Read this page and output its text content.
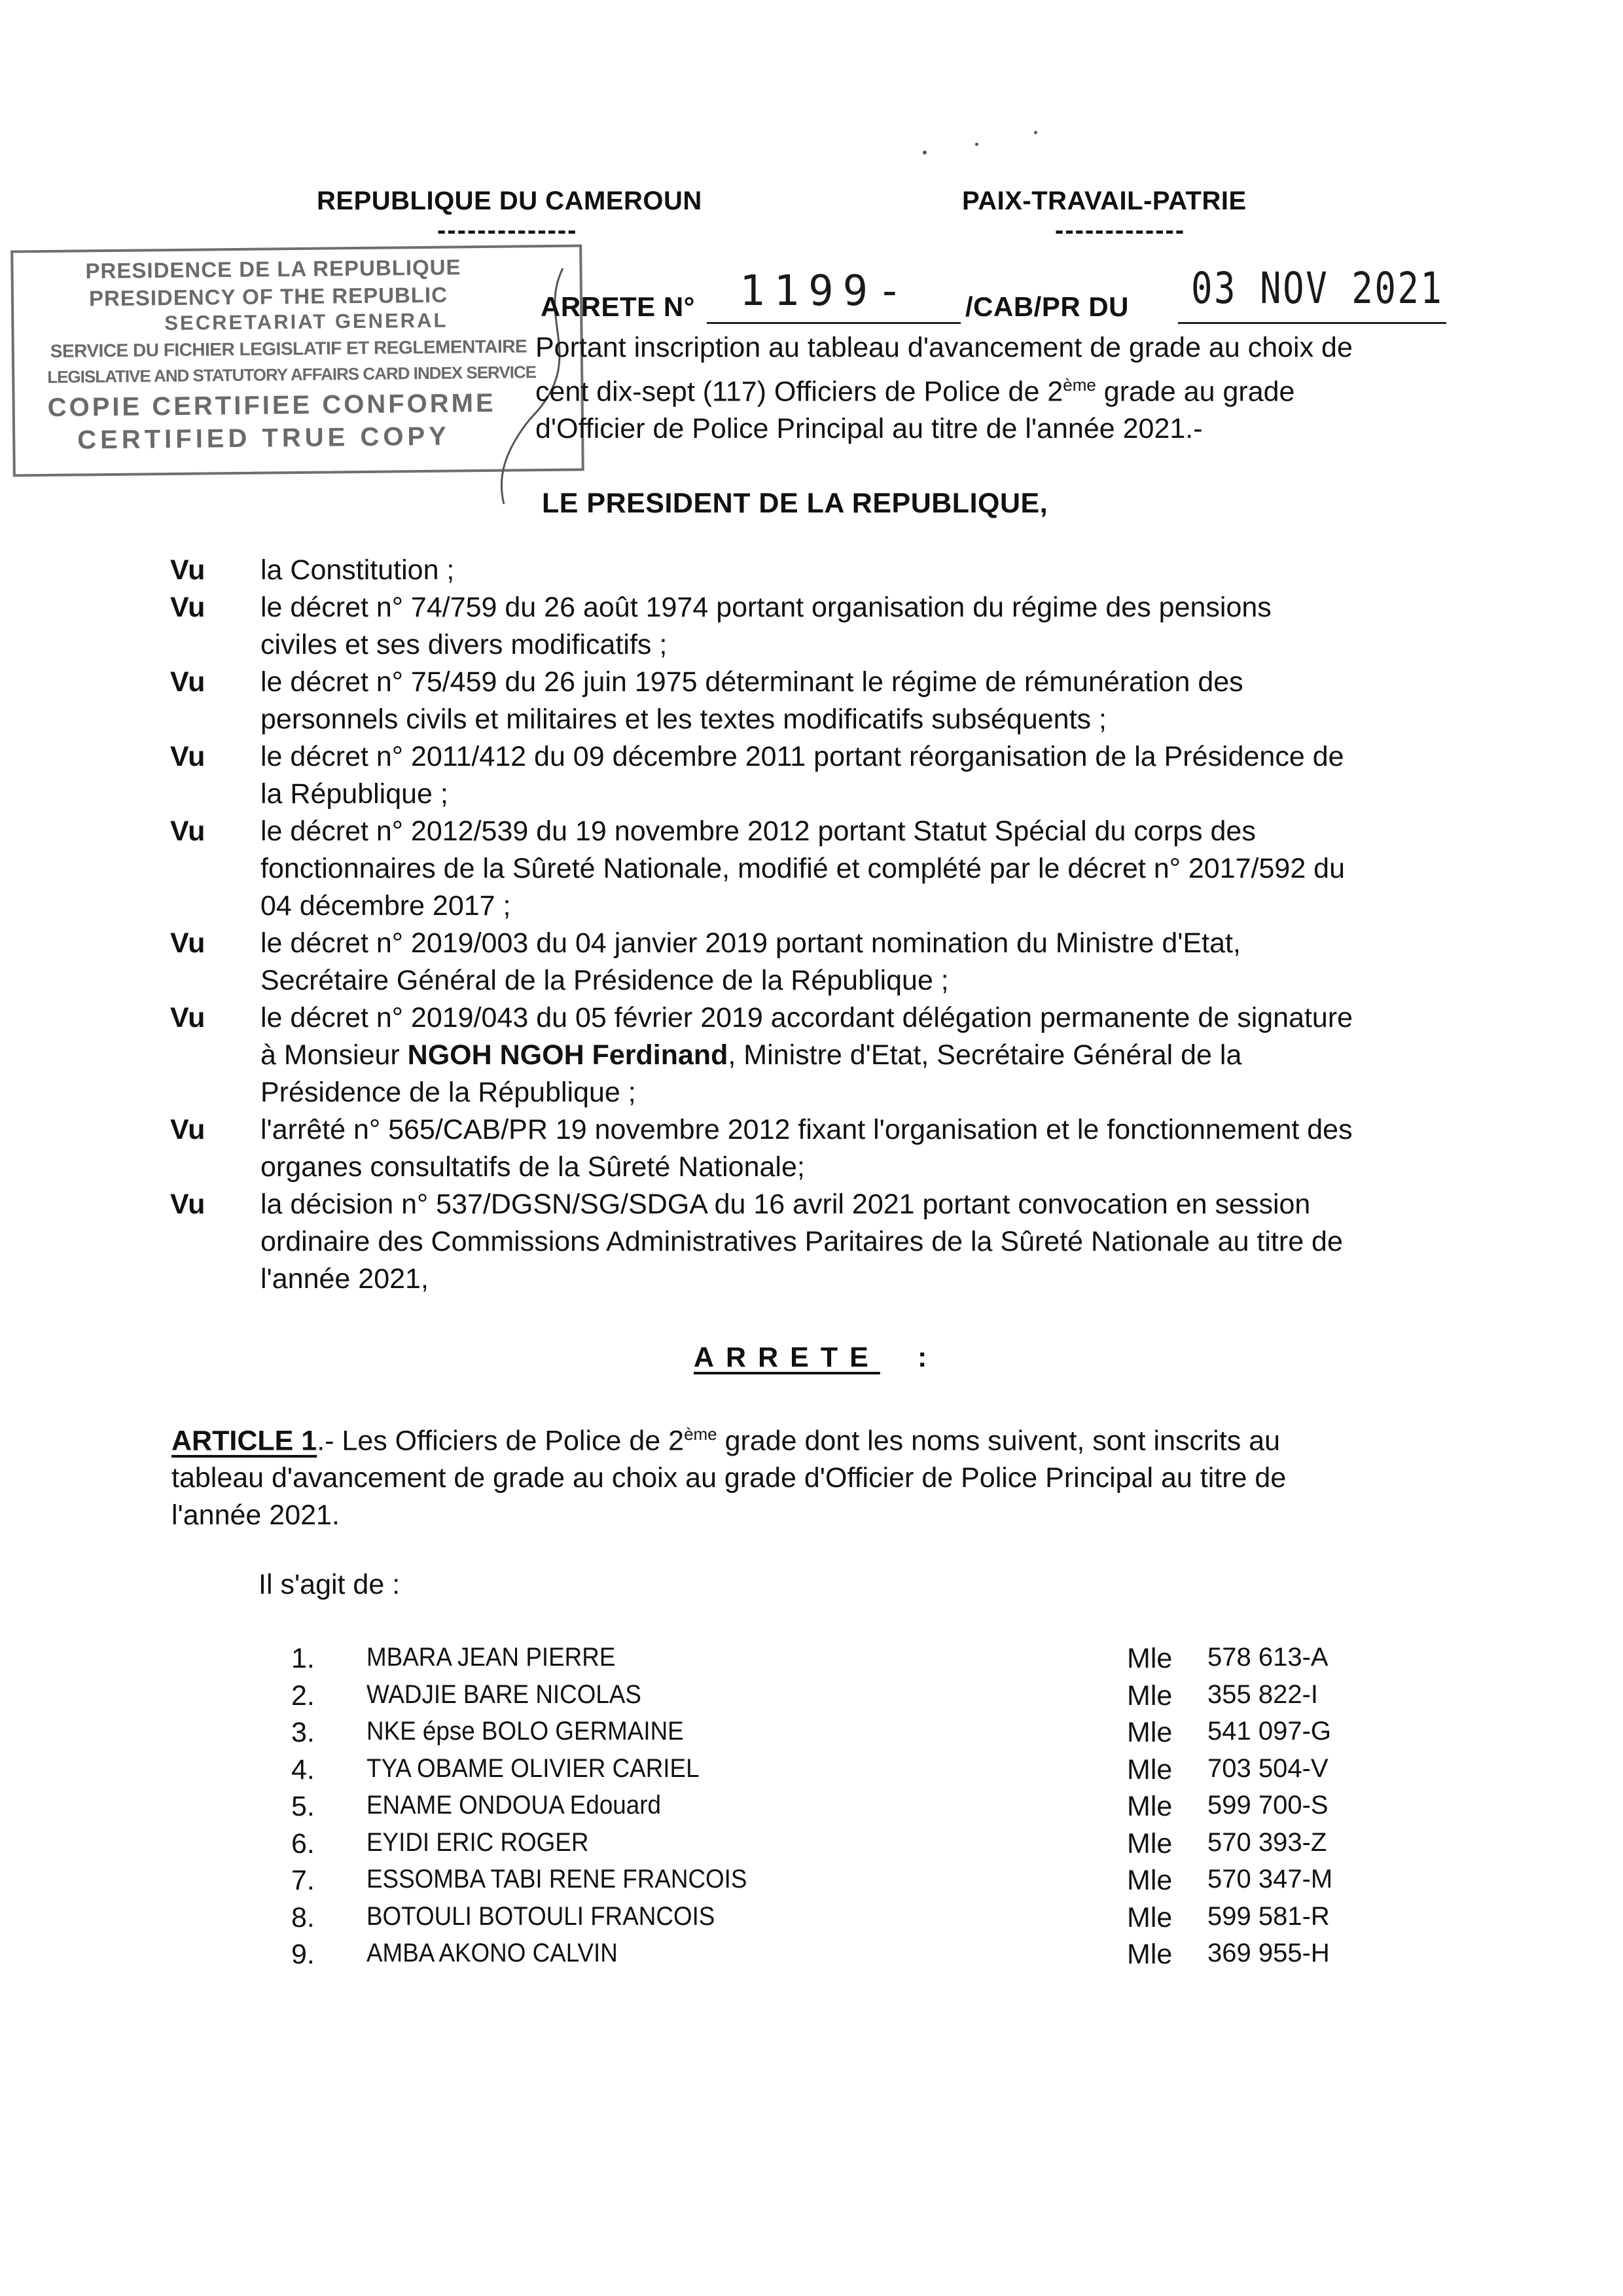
REPUBLIQUE DU CAMEROUN
--------------
PAIX-TRAVAIL-PATRIE
-------------
PRESIDENCE DE LA REPUBLIQUE
PRESIDENCY OF THE REPUBLIC
SECRETARIAT GENERAL
SERVICE DU FICHIER LEGISLATIF ET REGLEMENTAIRE
LEGISLATIVE AND STATUTORY AFFAIRS CARD INDEX SERVICE
COPIE CERTIFIEE CONFORME
CERTIFIED TRUE COPY
ARRETE N° 1199- /CAB/PR DU 03 NOV 2021
Portant inscription au tableau d'avancement de grade au choix de
cent dix-sept (117) Officiers de Police de 2ème grade au grade
d'Officier de Police Principal au titre de l'année 2021.-
LE PRESIDENT DE LA REPUBLIQUE,
Vu la Constitution ;
Vu le décret n° 74/759 du 26 août 1974 portant organisation du régime des pensions
civiles et ses divers modificatifs ;
Vu le décret n° 75/459 du 26 juin 1975 déterminant le régime de rémunération des
personnels civils et militaires et les textes modificatifs subséquents ;
Vu le décret n° 2011/412 du 09 décembre 2011 portant réorganisation de la Présidence de
la République ;
Vu le décret n° 2012/539 du 19 novembre 2012 portant Statut Spécial du corps des
fonctionnaires de la Sûreté Nationale, modifié et complété par le décret n° 2017/592 du
04 décembre 2017 ;
Vu le décret n° 2019/003 du 04 janvier 2019 portant nomination du Ministre d'Etat,
Secrétaire Général de la Présidence de la République ;
Vu le décret n° 2019/043 du 05 février 2019 accordant délégation permanente de signature
à Monsieur NGOH NGOH Ferdinand, Ministre d'Etat, Secrétaire Général de la
Présidence de la République ;
Vu l'arrêté n° 565/CAB/PR 19 novembre 2012 fixant l'organisation et le fonctionnement des
organes consultatifs de la Sûreté Nationale;
Vu la décision n° 537/DGSN/SG/SDGA du 16 avril 2021 portant convocation en session
ordinaire des Commissions Administratives Paritaires de la Sûreté Nationale au titre de
l'année 2021,
ARRETE :
ARTICLE 1.- Les Officiers de Police de 2ème grade dont les noms suivent, sont inscrits au
tableau d'avancement de grade au choix au grade d'Officier de Police Principal au titre de
l'année 2021.
Il s'agit de :
1. MBARA JEAN PIERRE	Mle 578 613-A
2. WADJIE BARE NICOLAS	Mle 355 822-I
3. NKE épse BOLO GERMAINE	Mle 541 097-G
4. TYA OBAME OLIVIER CARIEL	Mle 703 504-V
5. ENAME ONDOUA Edouard	Mle 599 700-S
6. EYIDI ERIC ROGER	Mle 570 393-Z
7. ESSOMBA TABI RENE FRANCOIS	Mle 570 347-M
8. BOTOULI BOTOULI FRANCOIS	Mle 599 581-R
9. AMBA AKONO CALVIN	Mle 369 955-H
